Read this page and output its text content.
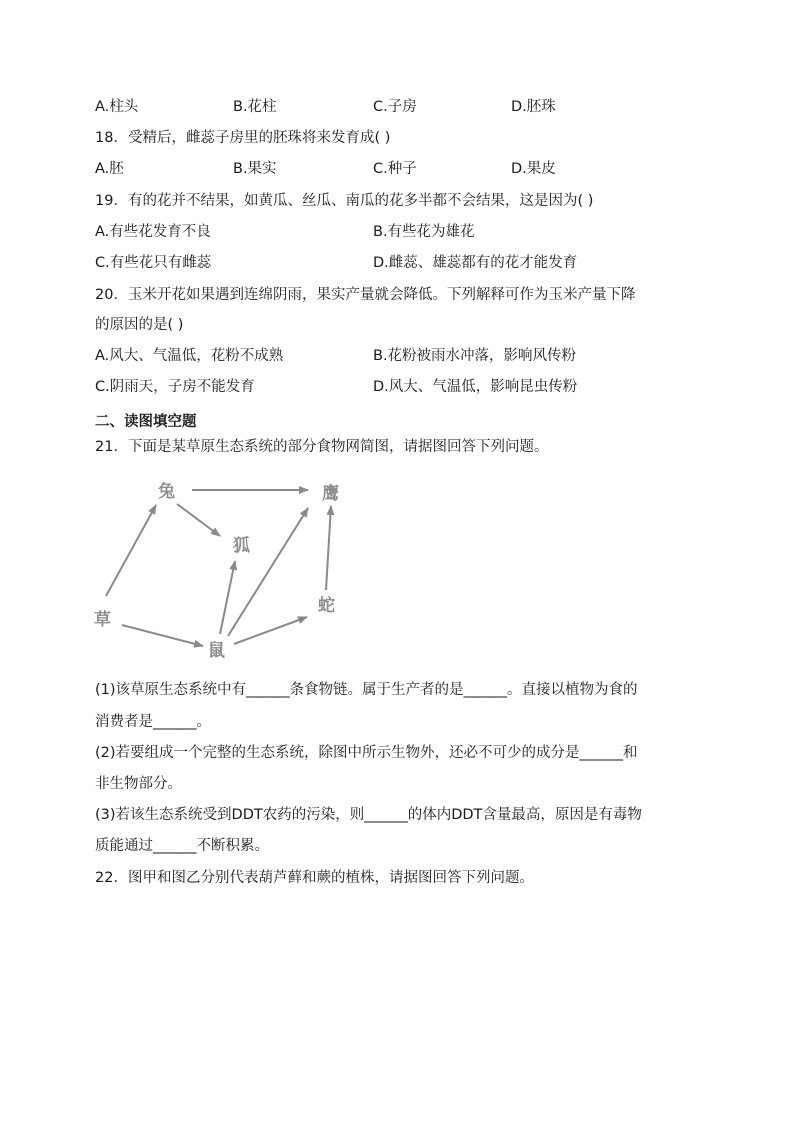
A.柱头	B.花柱	C.子房	D.胚珠
18．受精后，雌蕊子房里的胚珠将来发育成( )
A.胚	B.果实	C.种子	D.果皮
19．有的花并不结果，如黄瓜、丝瓜、南瓜的花多半都不会结果，这是因为( )
A.有些花发育不良	B.有些花为雄花
C.有些花只有雌蕊	D.雌蕊、雄蕊都有的花才能发育
20．玉米开花如果遇到连绵阴雨，果实产量就会降低。下列解释可作为玉米产量下降
的原因的是( )
A.风大、气温低，花粉不成熟	B.花粉被雨水冲落，影响风传粉
C.阴雨天，子房不能发育	D.风大、气温低，影响昆虫传粉
二、读图填空题
21．下面是某草原生态系统的部分食物网简图，请据图回答下列问题。
兔	鹰
狐
蛇
草
鼠
(1)该草原生态系统中有______条食物链。属于生产者的是______。直接以植物为食的
消费者是______。
(2)若要组成一个完整的生态系统，除图中所示生物外，还必不可少的成分是______和
非生物部分。
(3)若该生态系统受到DDT农药的污染，则______的体内DDT含量最高，原因是有毒物
质能通过______不断积累。
22．图甲和图乙分别代表葫芦藓和蕨的植株，请据图回答下列问题。
